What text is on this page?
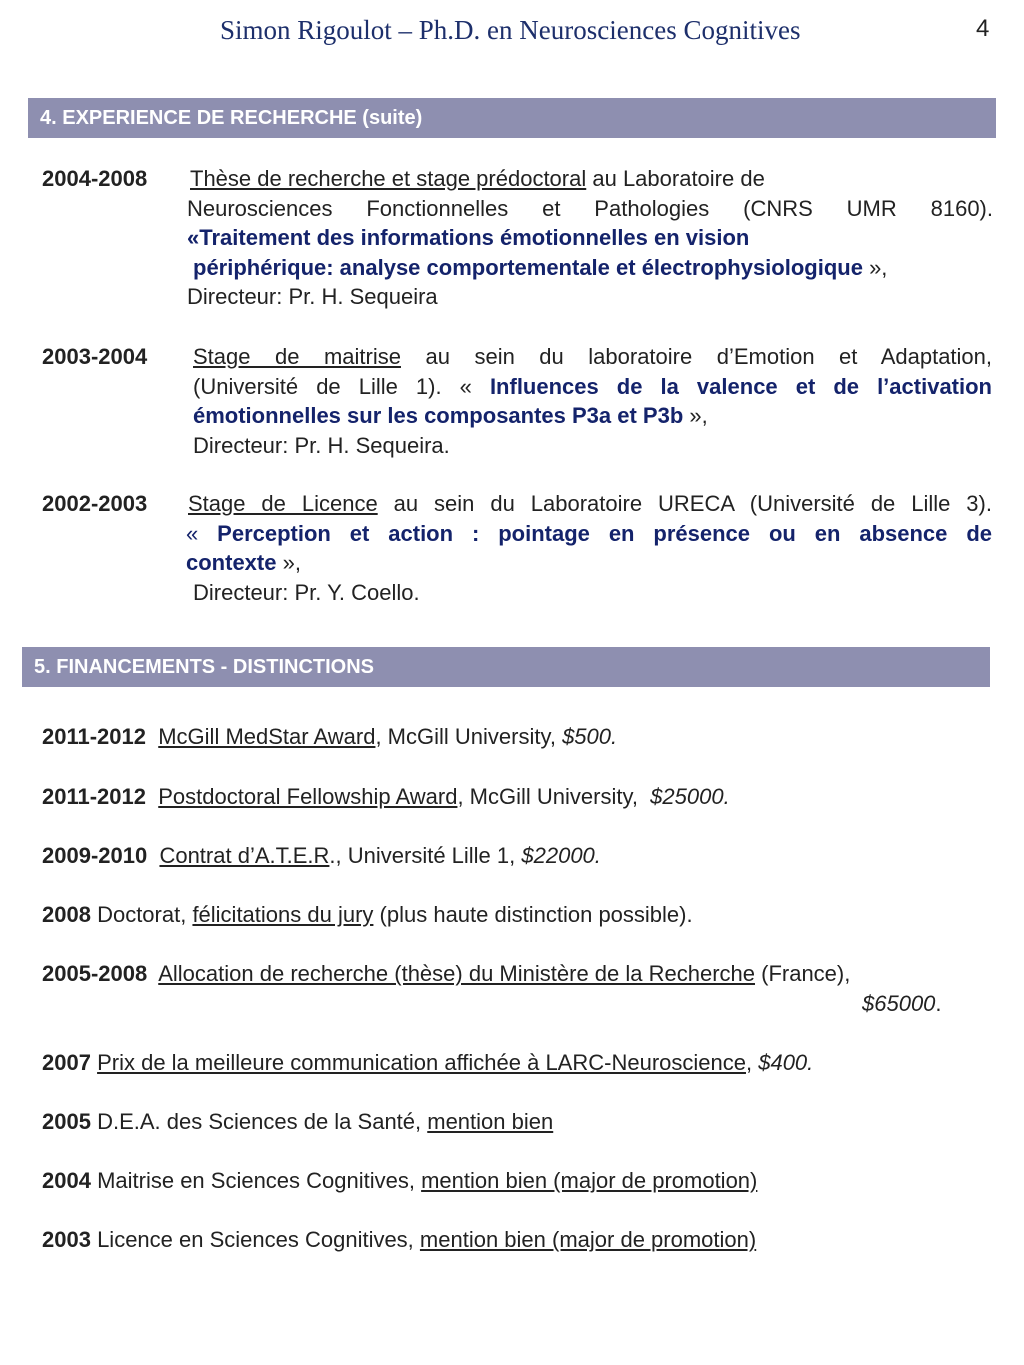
Simon Rigoulot – Ph.D. en Neurosciences Cognitives	4
4. EXPERIENCE DE RECHERCHE (suite)
2004-2008 Thèse de recherche et stage prédoctoral au Laboratoire de
Neurosciences Fonctionnelles et Pathologies (CNRS UMR 8160).
«Traitement des informations émotionnelles en vision
périphérique: analyse comportementale et électrophysiologique »,
Directeur: Pr. H. Sequeira
2003-2004 Stage de maitrise au sein du laboratoire d’Emotion et Adaptation,
(Université de Lille 1). « Influences de la valence et de l’activation
émotionnelles sur les composantes P3a et P3b »,
Directeur: Pr. H. Sequeira.
2002-2003 Stage de Licence au sein du Laboratoire URECA (Université de Lille 3).
« Perception et action : pointage en présence ou en absence de
contexte »,
Directeur: Pr. Y. Coello.
5. FINANCEMENTS - DISTINCTIONS
2011-2012 McGill MedStar Award, McGill University, $500.
2011-2012 Postdoctoral Fellowship Award, McGill University,  $25000.
2009-2010 Contrat d’A.T.E.R., Université Lille 1, $22000.
2008 Doctorat, félicitations du jury (plus haute distinction possible).
2005-2008 Allocation de recherche (thèse) du Ministère de la Recherche (France),
$65000.
2007 Prix de la meilleure communication affichée à LARC-Neuroscience, $400.
2005 D.E.A. des Sciences de la Santé, mention bien
2004 Maitrise en Sciences Cognitives, mention bien (major de promotion)
2003 Licence en Sciences Cognitives, mention bien (major de promotion)
